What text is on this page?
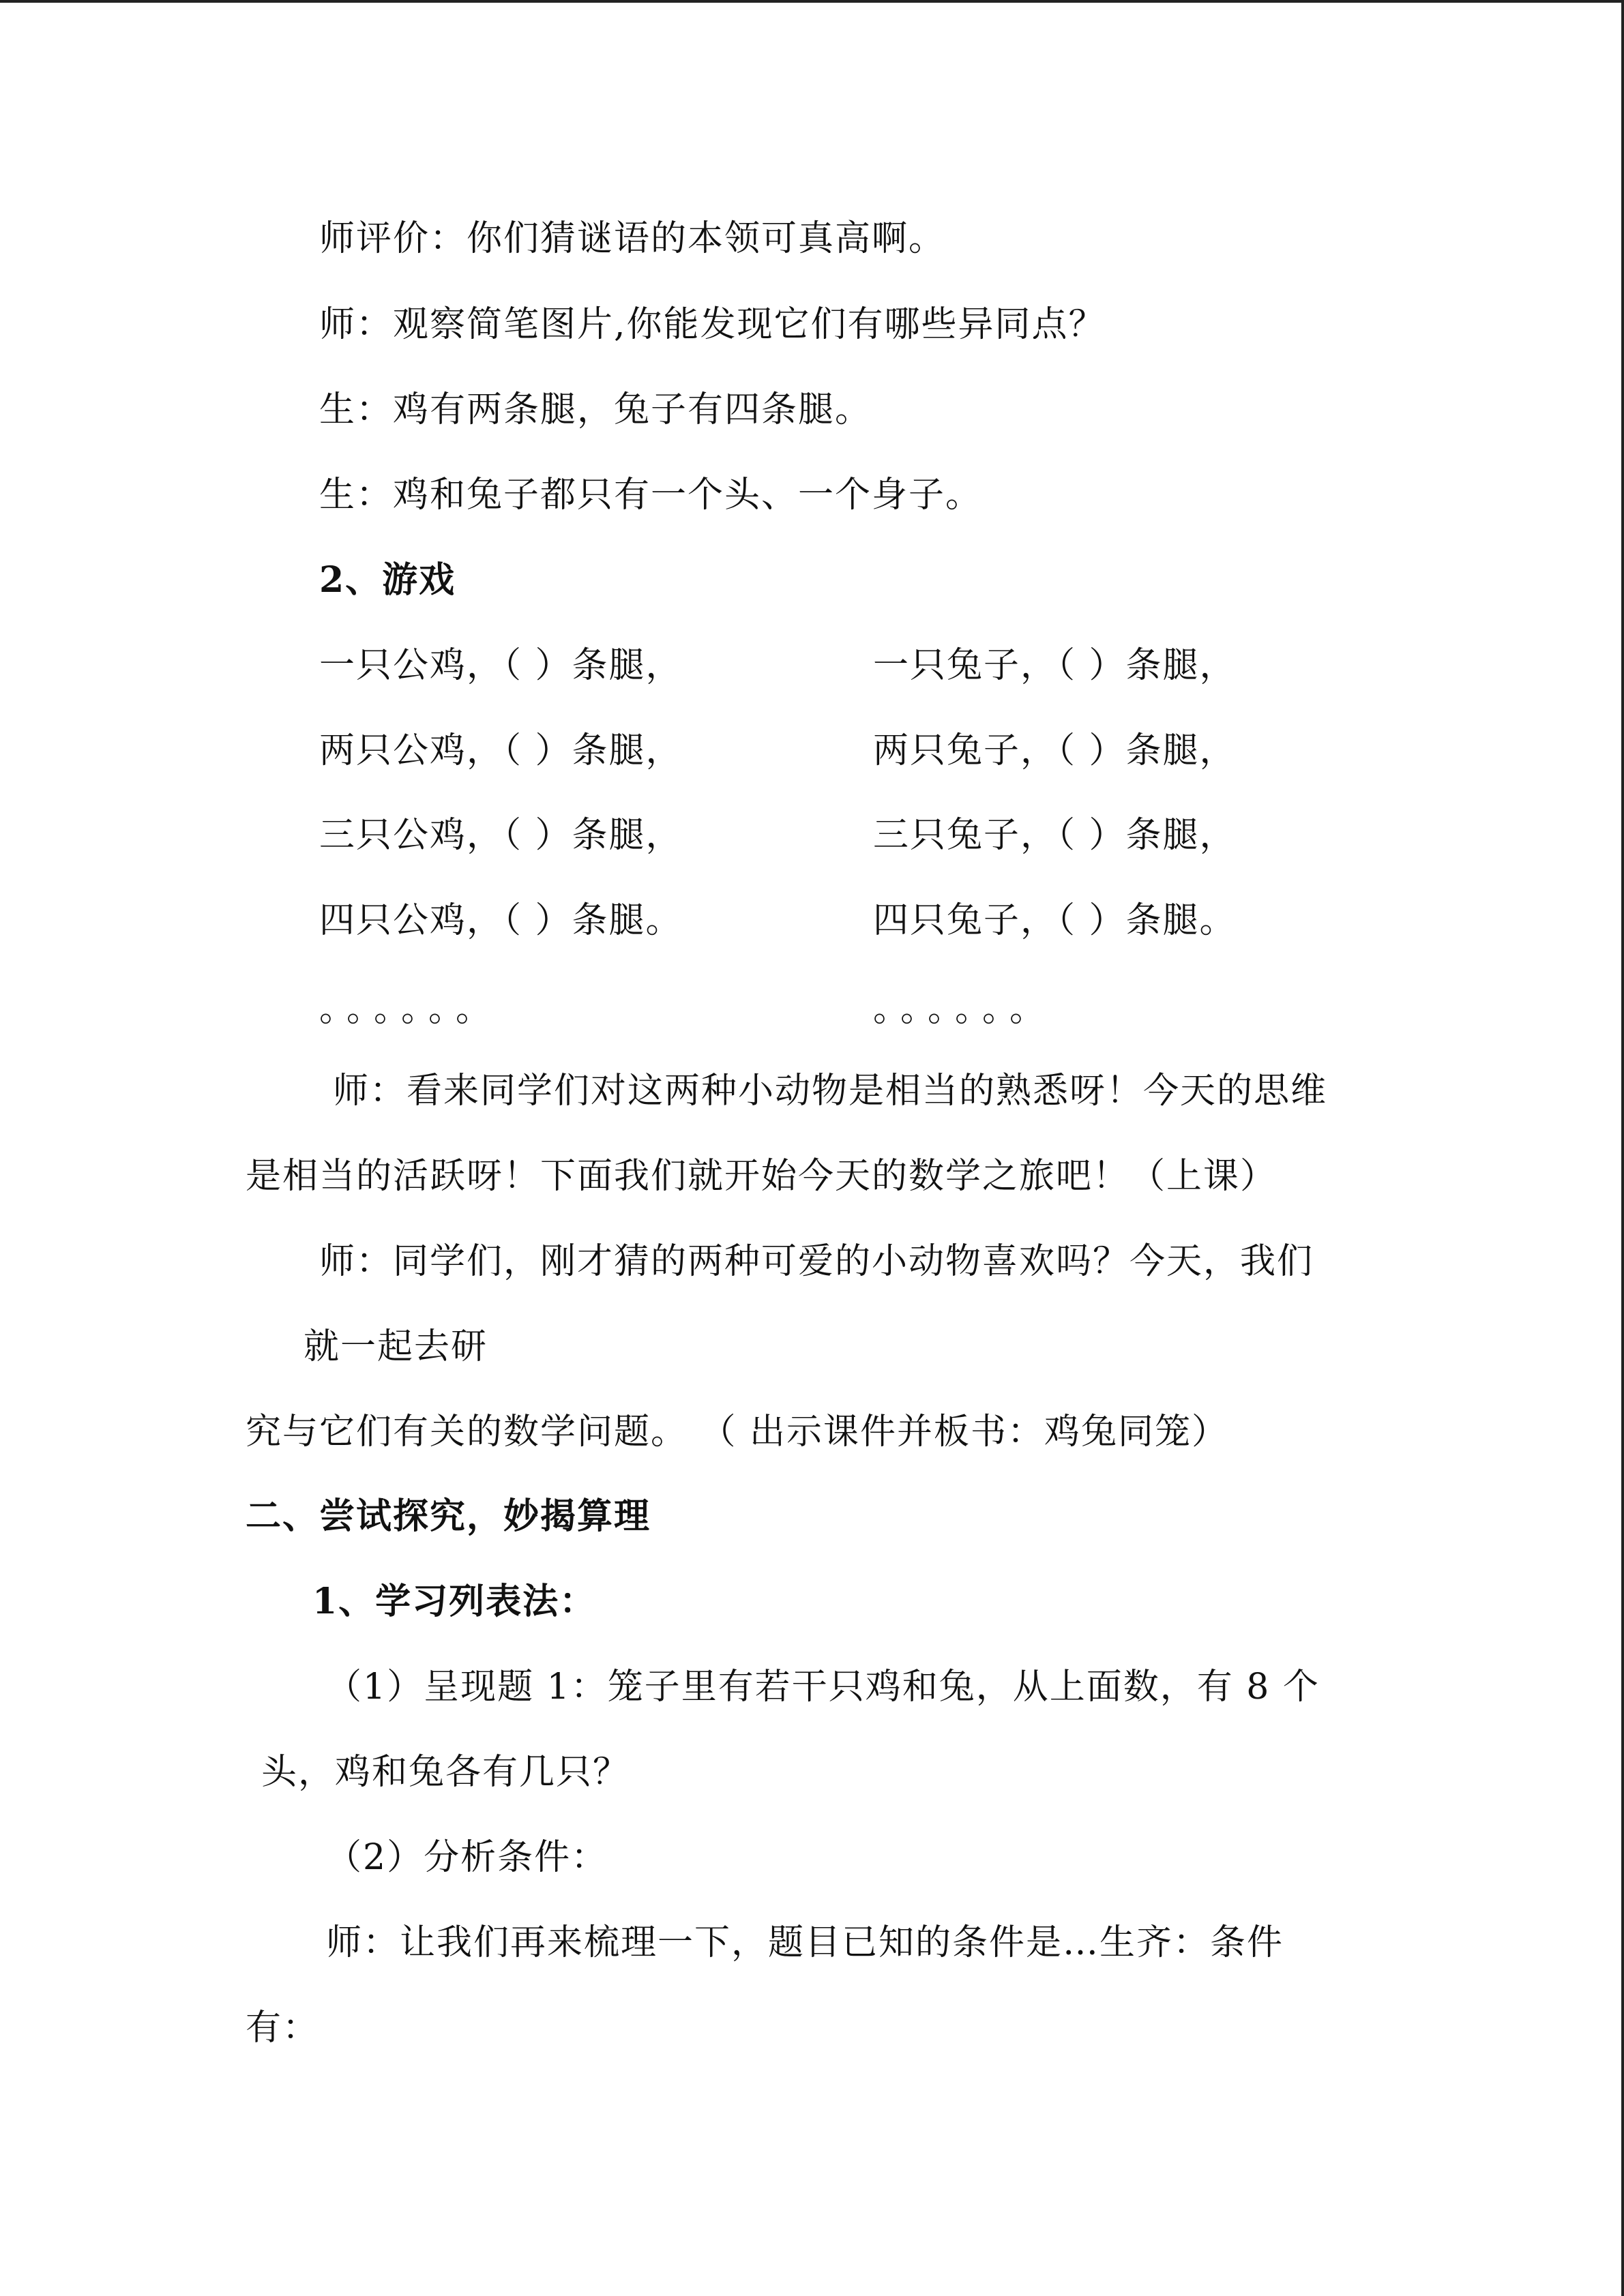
师评价：你们猜谜语的本领可真高啊。
师：观察简笔图片,你能发现它们有哪些异同点？
生：鸡有两条腿，兔子有四条腿。
生：鸡和兔子都只有一个头、一个身子。
2、游戏
一只公鸡，（ ）条腿，	一只兔子，（ ）条腿，
两只公鸡，（ ）条腿，	两只兔子，（ ）条腿，
三只公鸡，（ ）条腿，	三只兔子，（ ）条腿，
四只公鸡，（ ）条腿。	四只兔子，（ ）条腿。
。。。。。。	。。。。。。
师：看来同学们对这两种小动物是相当的熟悉呀！今天的思维
是相当的活跃呀！下面我们就开始今天的数学之旅吧！（上课）
师：同学们，刚才猜的两种可爱的小动物喜欢吗？今天，我们
就一起去研
究与它们有关的数学问题。 （ 出示课件并板书：鸡兔同笼）
二、尝试探究，妙揭算理
1、学习列表法：
（1）呈现题 1：笼子里有若干只鸡和兔，从上面数，有 8 个
头，鸡和兔各有几只？
（2）分析条件：
师：让我们再来梳理一下，题目已知的条件是…生齐：条件
有：
